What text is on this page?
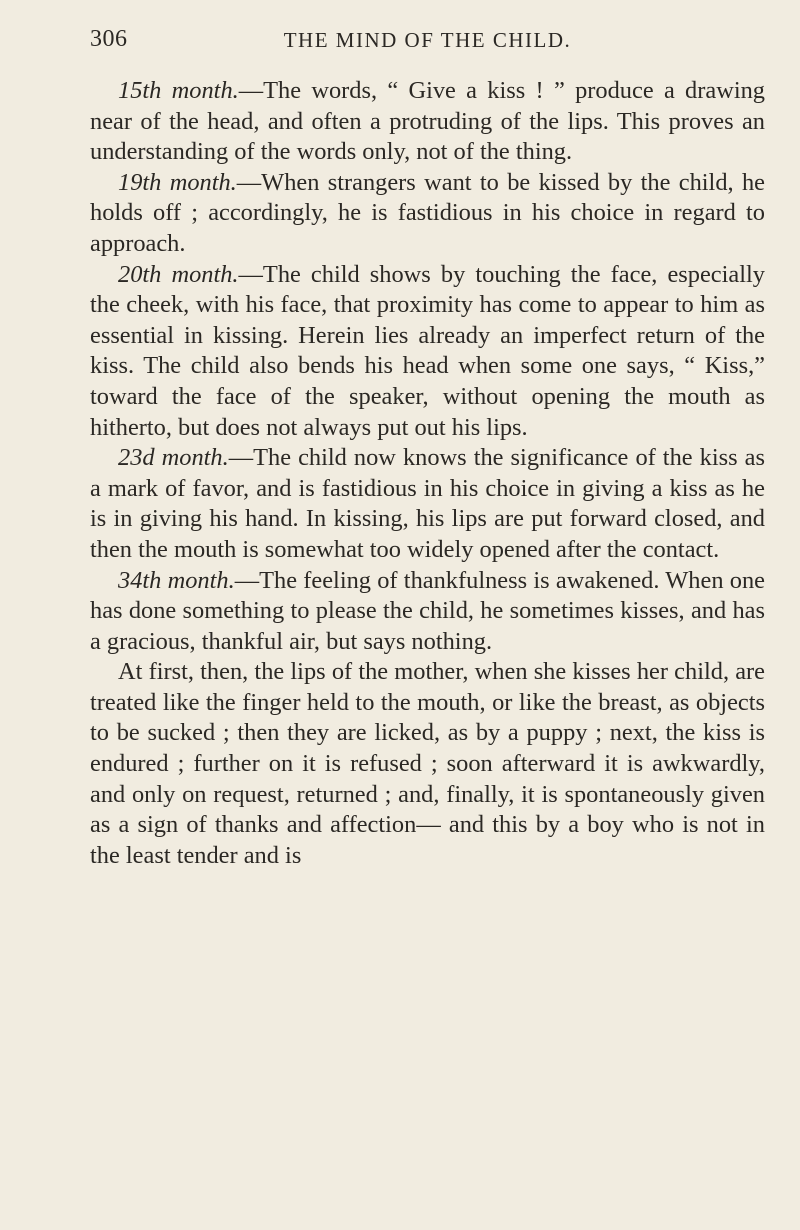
306	THE MIND OF THE CHILD.

15th month.—The words, “ Give a kiss ! ” produce a drawing near of the head, and often a protruding of the lips. This proves an understanding of the words only, not of the thing.

19th month.—When strangers want to be kissed by the child, he holds off ; accordingly, he is fastidious in his choice in regard to approach.

20th month.—The child shows by touching the face, especially the cheek, with his face, that proximity has come to appear to him as essential in kissing. Herein lies already an imperfect return of the kiss. The child also bends his head when some one says, “ Kiss,” toward the face of the speaker, without opening the mouth as hitherto, but does not always put out his lips.

23d month.—The child now knows the significance of the kiss as a mark of favor, and is fastidious in his choice in giving a kiss as he is in giving his hand. In kissing, his lips are put forward closed, and then the mouth is somewhat too widely opened after the contact.

34th month.—The feeling of thankfulness is awakened. When one has done something to please the child, he sometimes kisses, and has a gracious, thankful air, but says nothing.

At first, then, the lips of the mother, when she kisses her child, are treated like the finger held to the mouth, or like the breast, as objects to be sucked ; then they are licked, as by a puppy ; next, the kiss is endured ; further on it is refused ; soon afterward it is awkwardly, and only on request, returned ; and, finally, it is spontaneously given as a sign of thanks and affection— and this by a boy who is not in the least tender and is
